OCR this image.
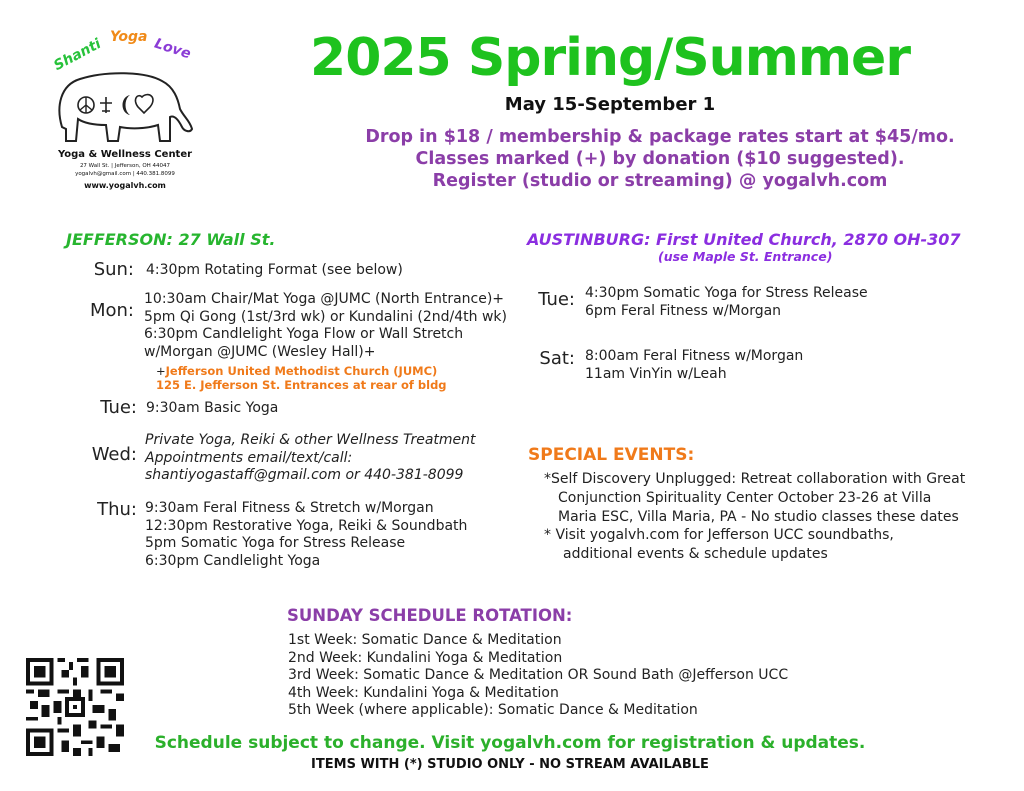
Shanti Yoga Love
Yoga & Wellness Center
27 Wall St. | Jefferson, OH 44047
yogalvh@gmail.com | 440.381.8099
www.yogalvh.com
2025 Spring/Summer
May 15-September 1
Drop in $18 / membership & package rates start at $45/mo.
Classes marked (+) by donation ($10 suggested).
Register (studio or streaming) @ yogalvh.com
JEFFERSON: 27 Wall St.
Sun: 4:30pm Rotating Format (see below)
Mon:
10:30am Chair/Mat Yoga @JUMC (North Entrance)+
5pm Qi Gong (1st/3rd wk) or Kundalini (2nd/4th wk)
6:30pm Candlelight Yoga Flow or Wall Stretch
w/Morgan @JUMC (Wesley Hall)+
+Jefferson United Methodist Church (JUMC)
125 E. Jefferson St. Entrances at rear of bldg
Tue: 9:30am Basic Yoga
Wed:
Private Yoga, Reiki & other Wellness Treatment
Appointments email/text/call:
shantiyogastaff@gmail.com or 440-381-8099
Thu: 9:30am Feral Fitness & Stretch w/Morgan
12:30pm Restorative Yoga, Reiki & Soundbath
5pm Somatic Yoga for Stress Release
6:30pm Candlelight Yoga
AUSTINBURG: First United Church, 2870 OH-307
(use Maple St. Entrance)
Tue: 4:30pm Somatic Yoga for Stress Release
6pm Feral Fitness w/Morgan
Sat: 8:00am Feral Fitness w/Morgan
11am VinYin w/Leah
SPECIAL EVENTS:
*Self Discovery Unplugged: Retreat collaboration with Great
Conjunction Spirituality Center October 23-26 at Villa
Maria ESC, Villa Maria, PA - No studio classes these dates
* Visit yogalvh.com for Jefferson UCC soundbaths,
additional events & schedule updates
SUNDAY SCHEDULE ROTATION:
1st Week: Somatic Dance & Meditation
2nd Week: Kundalini Yoga & Meditation
3rd Week: Somatic Dance & Meditation OR Sound Bath @Jefferson UCC
4th Week: Kundalini Yoga & Meditation
5th Week (where applicable): Somatic Dance & Meditation
Schedule subject to change. Visit yogalvh.com for registration & updates.
ITEMS WITH (*) STUDIO ONLY - NO STREAM AVAILABLE
